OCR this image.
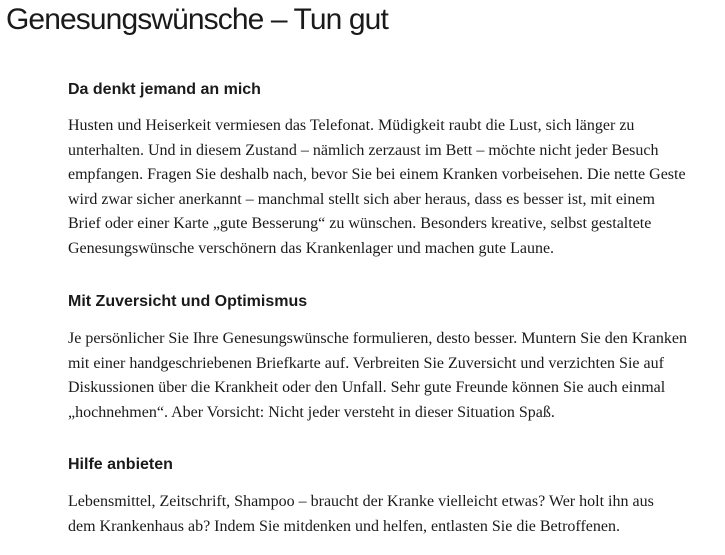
Genesungswünsche – Tun gut
Da denkt jemand an mich

Husten und Heiserkeit vermiesen das Telefonat. Müdigkeit raubt die Lust, sich länger zu
unterhalten. Und in diesem Zustand – nämlich zerzaust im Bett – möchte nicht jeder Besuch
empfangen. Fragen Sie deshalb nach, bevor Sie bei einem Kranken vorbeisehen. Die nette Geste
wird zwar sicher anerkannt – manchmal stellt sich aber heraus, dass es besser ist, mit einem
Brief oder einer Karte „gute Besserung“ zu wünschen. Besonders kreative, selbst gestaltete
Genesungswünsche verschönern das Krankenlager und machen gute Laune.

Mit Zuversicht und Optimismus

Je persönlicher Sie Ihre Genesungswünsche formulieren, desto besser. Muntern Sie den Kranken
mit einer handgeschriebenen Briefkarte auf. Verbreiten Sie Zuversicht und verzichten Sie auf
Diskussionen über die Krankheit oder den Unfall. Sehr gute Freunde können Sie auch einmal
„hochnehmen“. Aber Vorsicht: Nicht jeder versteht in dieser Situation Spaß.

Hilfe anbieten

Lebensmittel, Zeitschrift, Shampoo – braucht der Kranke vielleicht etwas? Wer holt ihn aus
dem Krankenhaus ab? Indem Sie mitdenken und helfen, entlasten Sie die Betroffenen.
